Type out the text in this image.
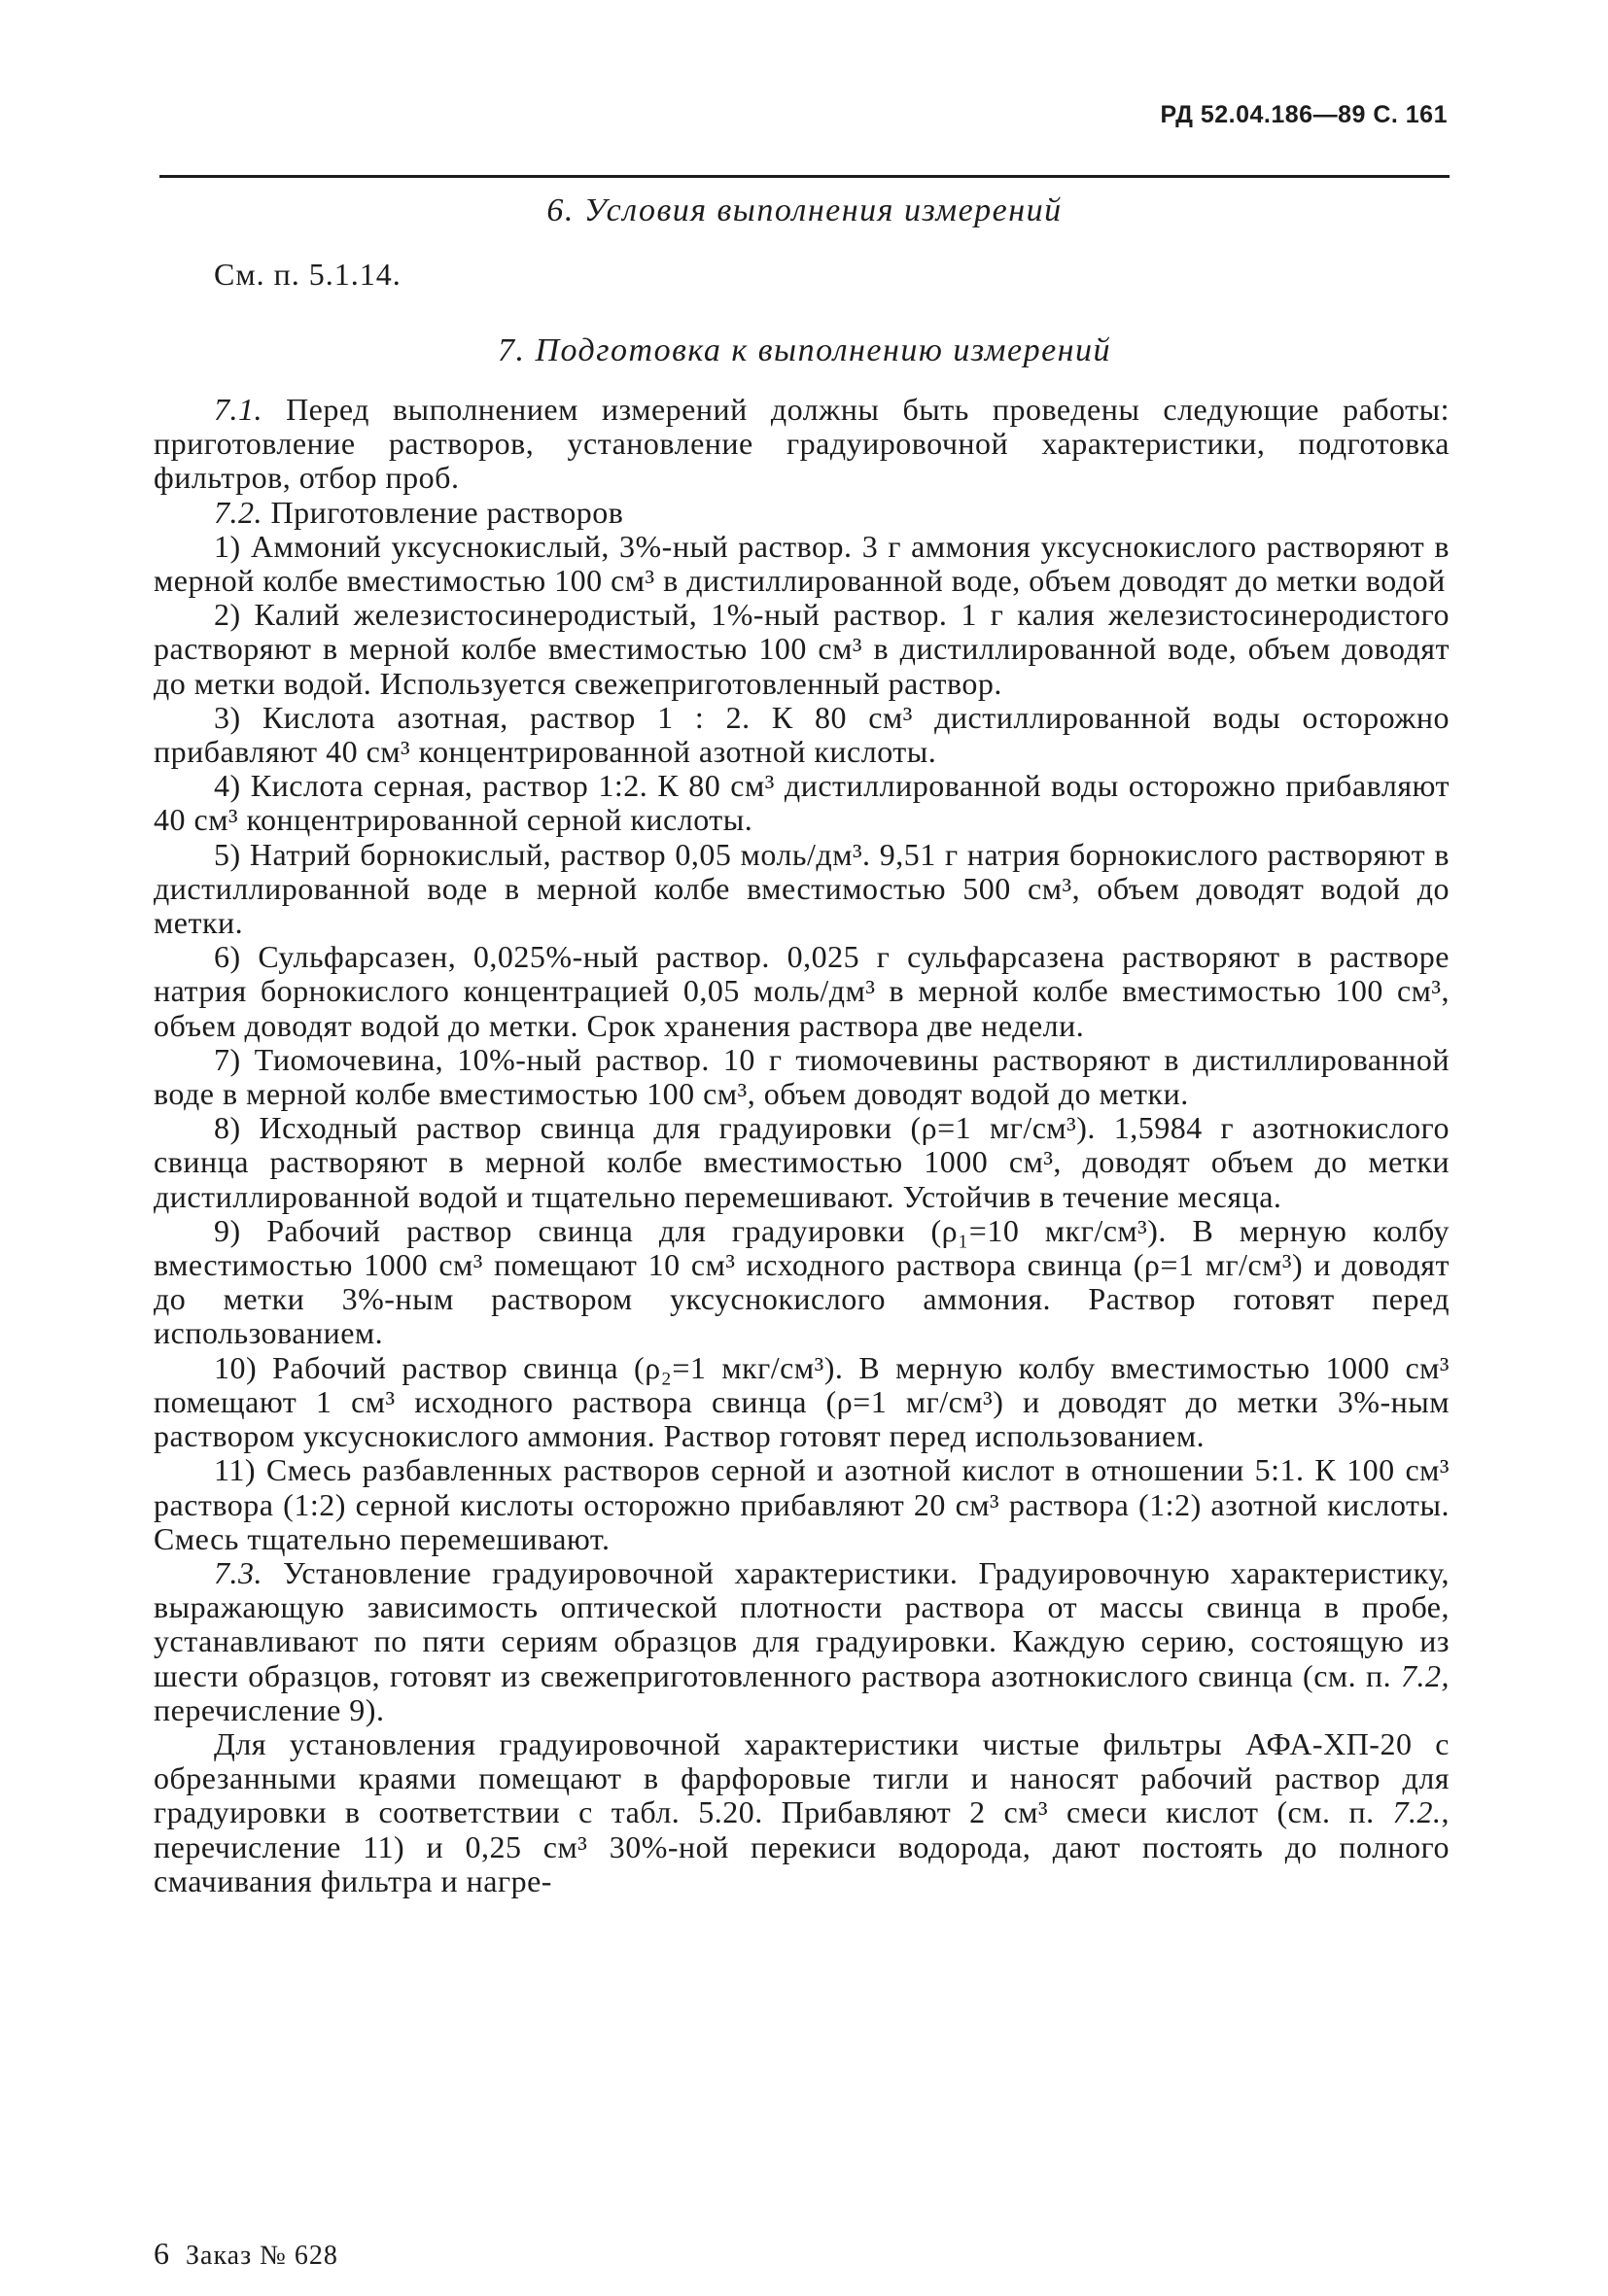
РД 52.04.186—89 С. 161
6. Условия выполнения измерений
См. п. 5.1.14.
7. Подготовка к выполнению измерений

7.1. Перед выполнением измерений должны быть проведены следующие работы: приготовление растворов, установление градуировочной характеристики, подготовка фильтров, отбор проб.

7.2. Приготовление растворов

1) Аммоний уксуснокислый, 3%-ный раствор. 3 г аммония уксуснокислого растворяют в мерной колбе вместимостью 100 см³ в дистиллированной воде, объем доводят до метки водой

2) Калий железистосинеродистый, 1%-ный раствор. 1 г калия железистосинеродистого растворяют в мерной колбе вместимостью 100 см³ в дистиллированной воде, объем доводят до метки водой. Используется свежеприготовленный раствор.

3) Кислота азотная, раствор 1 : 2. К 80 см³ дистиллированной воды осторожно прибавляют 40 см³ концентрированной азотной кислоты.

4) Кислота серная, раствор 1:2. К 80 см³ дистиллированной воды осторожно прибавляют 40 см³ концентрированной серной кислоты.

5) Натрий борнокислый, раствор 0,05 моль/дм³. 9,51 г натрия борнокислого растворяют в дистиллированной воде в мерной колбе вместимостью 500 см³, объем доводят водой до метки.

6) Сульфарсазен, 0,025%-ный раствор. 0,025 г сульфарсазена растворяют в растворе натрия борнокислого концентрацией 0,05 моль/дм³ в мерной колбе вместимостью 100 см³, объем доводят водой до метки. Срок хранения раствора две недели.

7) Тиомочевина, 10%-ный раствор. 10 г тиомочевины растворяют в дистиллированной воде в мерной колбе вместимостью 100 см³, объем доводят водой до метки.

8) Исходный раствор свинца для градуировки (ρ=1 мг/см³). 1,5984 г азотнокислого свинца растворяют в мерной колбе вместимостью 1000 см³, доводят объем до метки дистиллированной водой и тщательно перемешивают. Устойчив в течение месяца.

9) Рабочий раствор свинца для градуировки (ρ₁=10 мкг/см³). В мерную колбу вместимостью 1000 см³ помещают 10 см³ исходного раствора свинца (ρ=1 мг/см³) и доводят до метки 3%-ным раствором уксуснокислого аммония. Раствор готовят перед использованием.

10) Рабочий раствор свинца (ρ₂=1 мкг/см³). В мерную колбу вместимостью 1000 см³ помещают 1 см³ исходного раствора свинца (ρ=1 мг/см³) и доводят до метки 3%-ным раствором уксуснокислого аммония. Раствор готовят перед использованием.

11) Смесь разбавленных растворов серной и азотной кислот в отношении 5:1. К 100 см³ раствора (1:2) серной кислоты осторожно прибавляют 20 см³ раствора (1:2) азотной кислоты. Смесь тщательно перемешивают.

7.3. Установление градуировочной характеристики. Градуировочную характеристику, выражающую зависимость оптической плотности раствора от массы свинца в пробе, устанавливают по пяти сериям образцов для градуировки. Каждую серию, состоящую из шести образцов, готовят из свежеприготовленного раствора азотнокислого свинца (см. п. 7.2, перечисление 9).

Для установления градуировочной характеристики чистые фильтры АФА-ХП-20 с обрезанными краями помещают в фарфоровые тигли и наносят рабочий раствор для градуировки в соответствии с табл. 5.20. Прибавляют 2 см³ смеси кислот (см. п. 7.2., перечисление 11) и 0,25 см³ 30%-ной перекиси водорода, дают постоять до полного смачивания фильтра и нагре-

6 Заказ № 628
